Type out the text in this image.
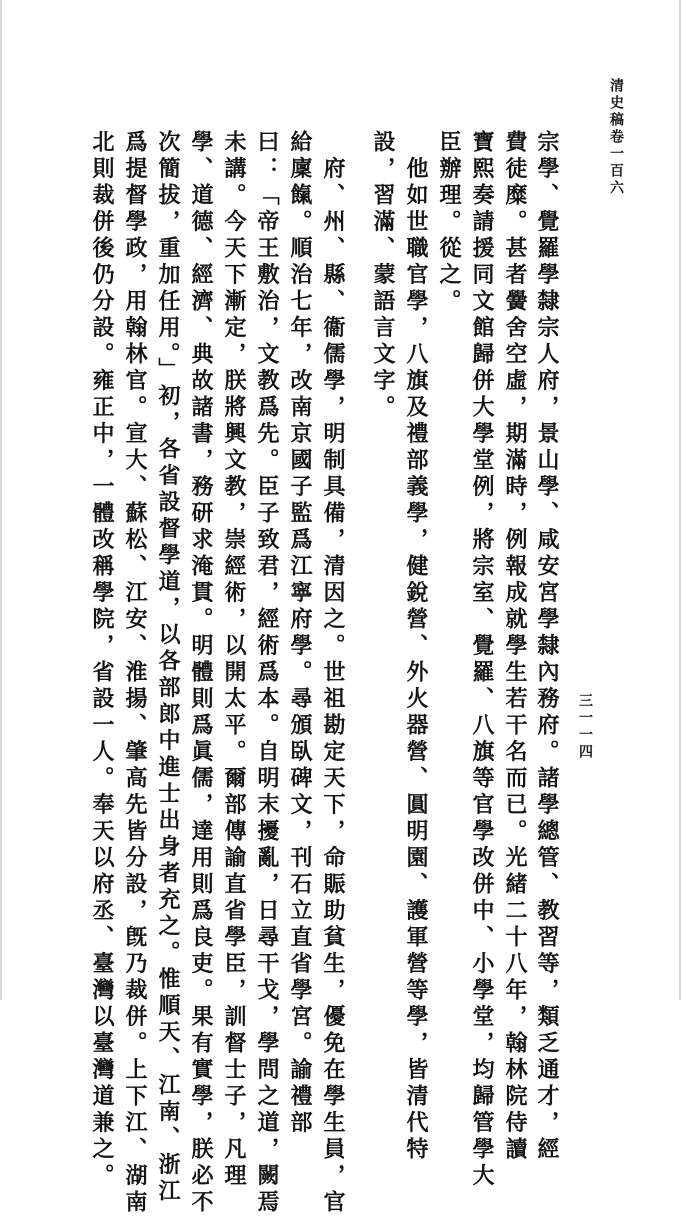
清史稿卷一百六
三一一四
宗學、覺羅學隸宗人府，景山學、咸安宮學隸內務府。諸學總管、教習等，類乏通才，經
費徒糜。甚者黌舍空虛，期滿時，例報成就學生若干名而已。光緒二十八年，翰林院侍讀
寶熙奏請援同文館歸併大學堂例，將宗室、覺羅、八旗等官學改併中、小學堂，均歸管學大
臣辦理。從之。
　他如世職官學，八旗及禮部義學，健銳營、外火器營、圓明園、護軍營等學，皆清代特
設，習滿、蒙語言文字。
　府、州、縣、衞儒學，明制具備，清因之。世祖勘定天下，命賑助貧生，優免在學生員，官
給廩餼。順治七年，改南京國子監爲江寧府學。尋頒臥碑文，刊石立直省學宮。諭禮部
曰：「帝王敷治，文教爲先。臣子致君，經術爲本。自明末擾亂，日尋干戈，學問之道，闕焉
未講。今天下漸定，朕將興文教，崇經術，以開太平。爾部傳諭直省學臣，訓督士子，凡理
學、道德、經濟、典故諸書，務研求淹貫。明體則爲眞儒，達用則爲良吏。果有實學，朕必不
次簡拔，重加任用。」初，各省設督學道，以各部郎中進士出身者充之。惟順天、江南、浙江
爲提督學政，用翰林官。宣大、蘇松、江安、淮揚、肇高先皆分設，旣乃裁併。上下江、湖南
北則裁併後仍分設。雍正中，一體改稱學院，省設一人。奉天以府丞、臺灣以臺灣道兼之。
